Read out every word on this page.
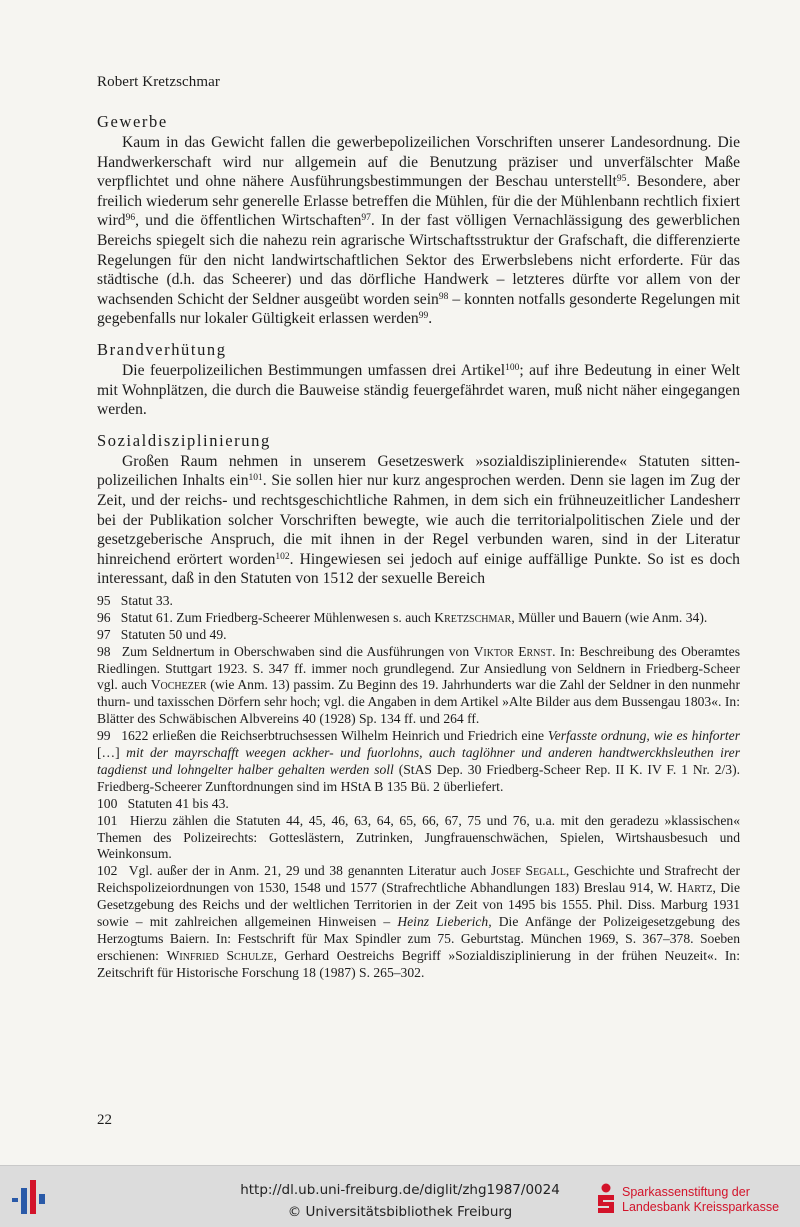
Robert Kretzschmar
Gewerbe

Kaum in das Gewicht fallen die gewerbepolizeilichen Vorschriften unserer Landesordnung. Die Handwerkerschaft wird nur allgemein auf die Benutzung präziser und unverfälschter Maße verpflichtet und ohne nähere Ausführungsbestimmungen der Beschau unterstellt$^{95}$. Besondere, aber freilich wiederum sehr generelle Erlasse betreffen die Mühlen, für die der Mühlenbann rechtlich fixiert wird$^{96}$, und die öffentlichen Wirtschaften$^{97}$. In der fast völligen Vernachlässigung des gewerblichen Bereichs spiegelt sich die nahezu rein agrarische Wirtschaftsstruktur der Grafschaft, die differenzierte Regelungen für den nicht landwirtschaftlichen Sektor des Erwerbslebens nicht erforderte. Für das städtische (d.h. das Scheerer) und das dörfliche Handwerk – letzteres dürfte vor allem von der wachsenden Schicht der Seldner ausgeübt worden sein$^{98}$ – konnten notfalls gesonderte Regelungen mit gegebenfalls nur lokaler Gültigkeit erlassen werden$^{99}$.

Brandverhütung

Die feuerpolizeilichen Bestimmungen umfassen drei Artikel$^{100}$; auf ihre Bedeutung in einer Welt mit Wohnplätzen, die durch die Bauweise ständig feuergefährdet waren, muß nicht näher eingegangen werden.

Sozialdisziplinierung

Großen Raum nehmen in unserem Gesetzeswerk »sozialdisziplinierende« Statuten sittenpolizeilichen Inhalts ein$^{101}$. Sie sollen hier nur kurz angesprochen werden. Denn sie lagen im Zug der Zeit, und der reichs- und rechtsgeschichtliche Rahmen, in dem sich ein frühneuzeitlicher Landesherr bei der Publikation solcher Vorschriften bewegte, wie auch die territorialpolitischen Ziele und der gesetzgeberische Anspruch, die mit ihnen in der Regel verbunden waren, sind in der Literatur hinreichend erörtert worden$^{102}$. Hingewiesen sei jedoch auf einige auffällige Punkte. So ist es doch interessant, daß in den Statuten von 1512 der sexuelle Bereich

95  Statut 33.

96  Statut 61. Zum Friedberg-Scheerer Mühlenwesen s. auch Kretzschmar, Müller und Bauern (wie Anm. 34).

97  Statuten 50 und 49.

98  Zum Seldnertum in Oberschwaben sind die Ausführungen von Viktor Ernst. In: Beschreibung des Oberamtes Riedlingen. Stuttgart 1923. S. 347 ff. immer noch grundlegend. Zur Ansiedlung von Seldnern in Friedberg-Scheer vgl. auch Vochezer (wie Anm. 13) passim. Zu Beginn des 19. Jahrhunderts war die Zahl der Seldner in den nunmehr thurn- und taxisschen Dörfern sehr hoch; vgl. die Angaben in dem Artikel »Alte Bilder aus dem Bussengau 1803«. In: Blätter des Schwäbischen Albvereins 40 (1928) Sp. 134 ff. und 264 ff.

99  1622 erließen die Reichserbtruchsessen Wilhelm Heinrich und Friedrich eine Verfasste ordnung, wie es hinforter […] mit der mayrschafft weegen ackher- und fuorlohns, auch taglöhner und anderen handtwerckhsleuthen irer tagdienst und lohngelter halber gehalten werden soll (StAS Dep. 30 Friedberg-Scheer Rep. II K. IV F. 1 Nr. 2/3). Friedberg-Scheerer Zunftordnungen sind im HStA B 135 Bü. 2 überliefert.

100  Statuten 41 bis 43.

101  Hierzu zählen die Statuten 44, 45, 46, 63, 64, 65, 66, 67, 75 und 76, u.a. mit den geradezu »klassischen« Themen des Polizeirechts: Gotteslästern, Zutrinken, Jungfrauenschwächen, Spielen, Wirtshausbesuch und Weinkonsum.

102  Vgl. außer der in Anm. 21, 29 und 38 genannten Literatur auch Josef Segall, Geschichte und Strafrecht der Reichspolizeiordnungen von 1530, 1548 und 1577 (Strafrechtliche Abhandlungen 183) Breslau 914, W. Hartz, Die Gesetzgebung des Reichs und der weltlichen Territorien in der Zeit von 1495 bis 1555. Phil. Diss. Marburg 1931 sowie – mit zahlreichen allgemeinen Hinweisen – Heinz Lieberich, Die Anfänge der Polizeigesetzgebung des Herzogtums Baiern. In: Festschrift für Max Spindler zum 75. Geburtstag. München 1969, S. 367–378. Soeben erschienen: Winfried Schulze, Gerhard Oestreichs Begriff »Sozialdisziplinierung in der frühen Neuzeit«. In: Zeitschrift für Historische Forschung 18 (1987) S. 265–302.

22
http://dl.ub.uni-freiburg.de/diglit/zhg1987/0024
© Universitätsbibliothek Freiburg
Sparkassenstiftung der
Landesbank Kreissparkasse
